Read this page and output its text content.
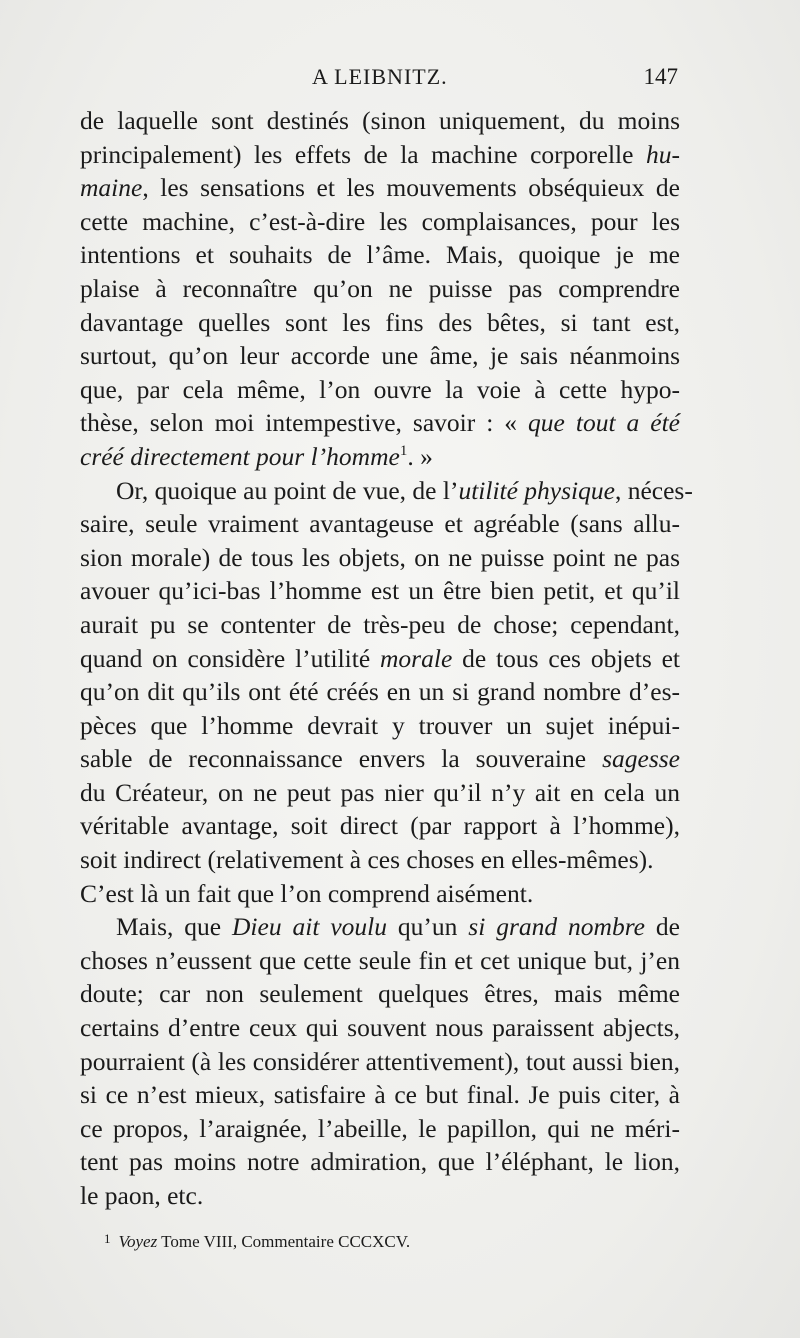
A LEIBNITZ.	147
de laquelle sont destinés (sinon uniquement, du moins
principalement) les effets de la machine corporelle hu-
maine, les sensations et les mouvements obséquieux de
cette machine, c’est-à-dire les complaisances, pour les
intentions et souhaits de l’âme. Mais, quoique je me
plaise à reconnaître qu’on ne puisse pas comprendre
davantage quelles sont les fins des bêtes, si tant est,
surtout, qu’on leur accorde une âme, je sais néanmoins
que, par cela même, l’on ouvre la voie à cette hypo-
thèse, selon moi intempestive, savoir : « que tout a été
créé directement pour l’homme$^1$. »
Or, quoique au point de vue, de l’utilité physique, néces-
saire, seule vraiment avantageuse et agréable (sans allu-
sion morale) de tous les objets, on ne puisse point ne pas
avouer qu’ici-bas l’homme est un être bien petit, et qu’il
aurait pu se contenter de très-peu de chose; cependant,
quand on considère l’utilité morale de tous ces objets et
qu’on dit qu’ils ont été créés en un si grand nombre d’es-
pèces que l’homme devrait y trouver un sujet inépui-
sable de reconnaissance envers la souveraine sagesse
du Créateur, on ne peut pas nier qu’il n’y ait en cela un
véritable avantage, soit direct (par rapport à l’homme),
soit indirect (relativement à ces choses en elles-mêmes).
C’est là un fait que l’on comprend aisément.
Mais, que Dieu ait voulu qu’un si grand nombre de
choses n’eussent que cette seule fin et cet unique but, j’en
doute; car non seulement quelques êtres, mais même
certains d’entre ceux qui souvent nous paraissent abjects,
pourraient (à les considérer attentivement), tout aussi bien,
si ce n’est mieux, satisfaire à ce but final. Je puis citer, à
ce propos, l’araignée, l’abeille, le papillon, qui ne méri-
tent pas moins notre admiration, que l’éléphant, le lion,
le paon, etc.
$^1$ Voyez Tome VIII, Commentaire CCCXCV.
